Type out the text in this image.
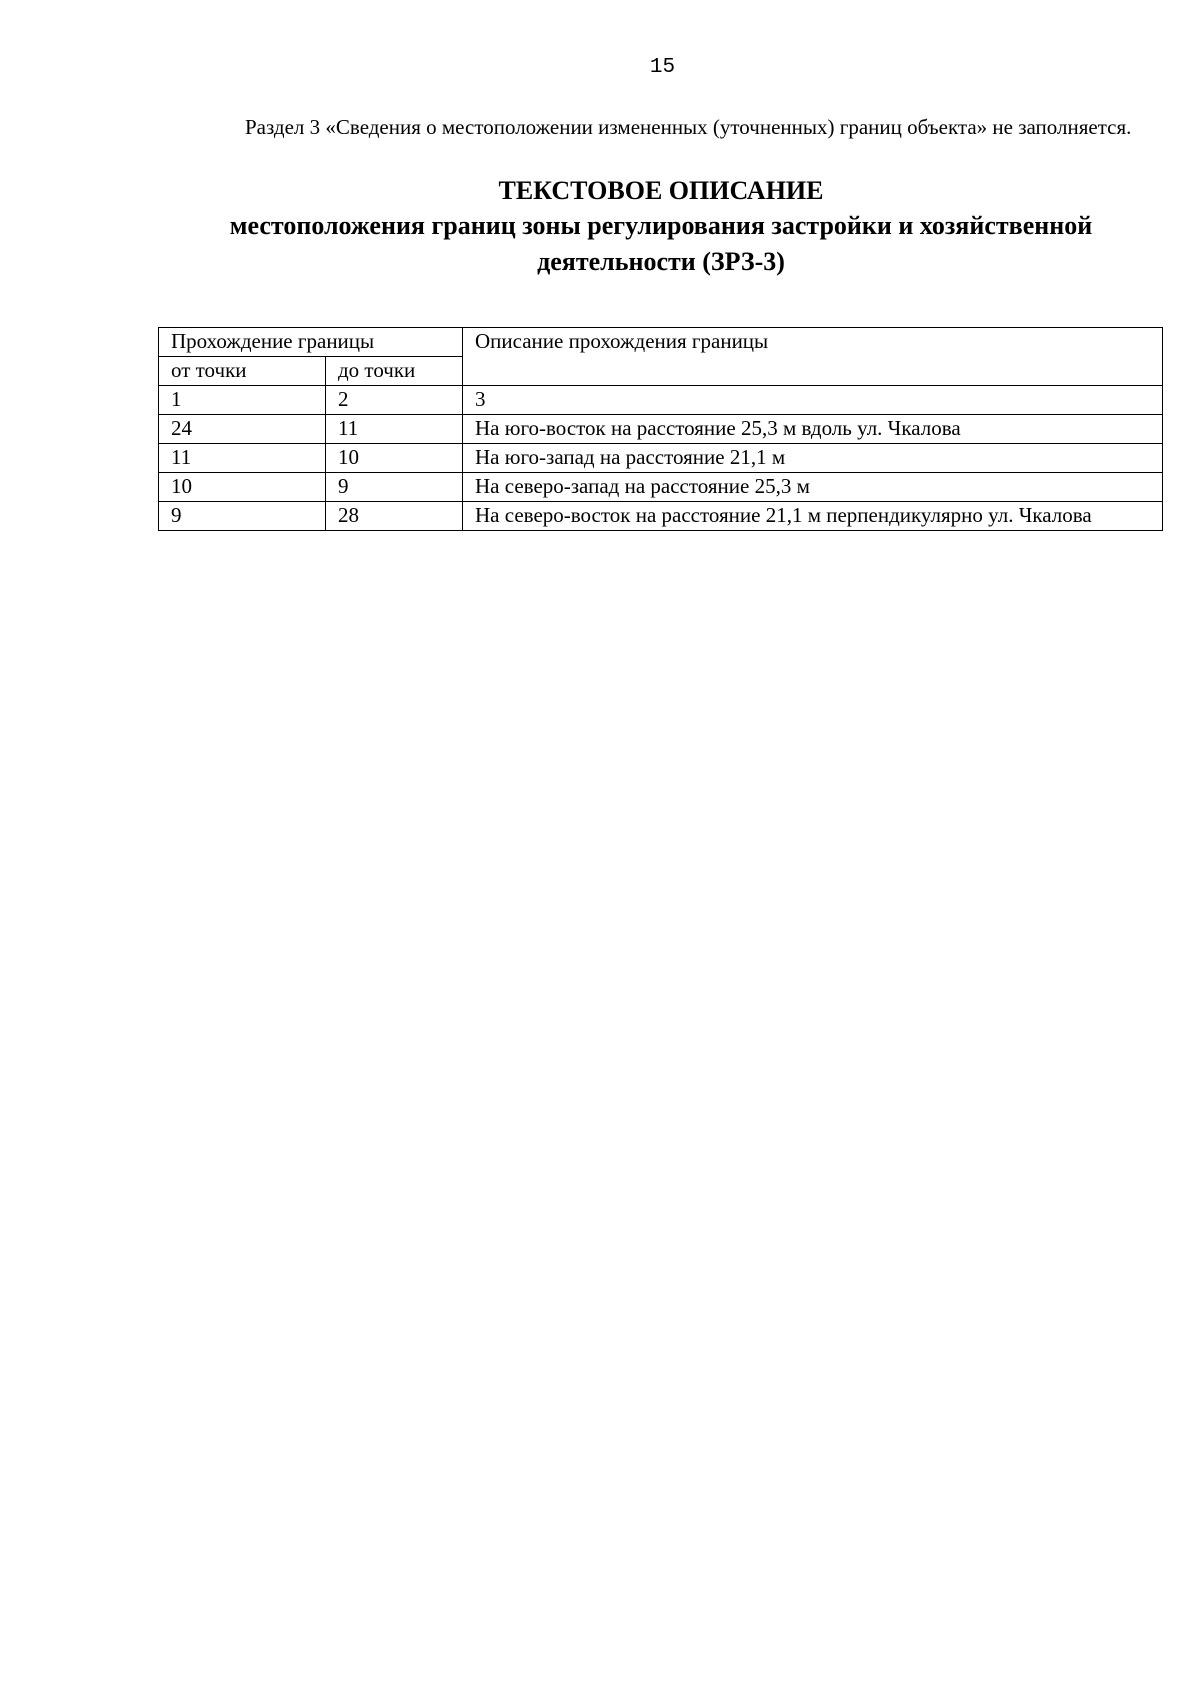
15

Раздел 3 «Сведения о местоположении измененных (уточненных) границ объекта» не заполняется.

ТЕКСТОВОЕ ОПИСАНИЕ

местоположения границ зоны регулирования застройки и хозяйственной деятельности (ЗРЗ-3)

Прохождение границы		Описание прохождения границы
от точки	до точки	
1	2	3
24	11	На юго-восток на расстояние 25,3 м вдоль ул. Чкалова
11	10	На юго-запад на расстояние 21,1 м
10	9	На северо-запад на расстояние 25,3 м
9	28	На северо-восток на расстояние 21,1 м перпендикулярно ул. Чкалова
